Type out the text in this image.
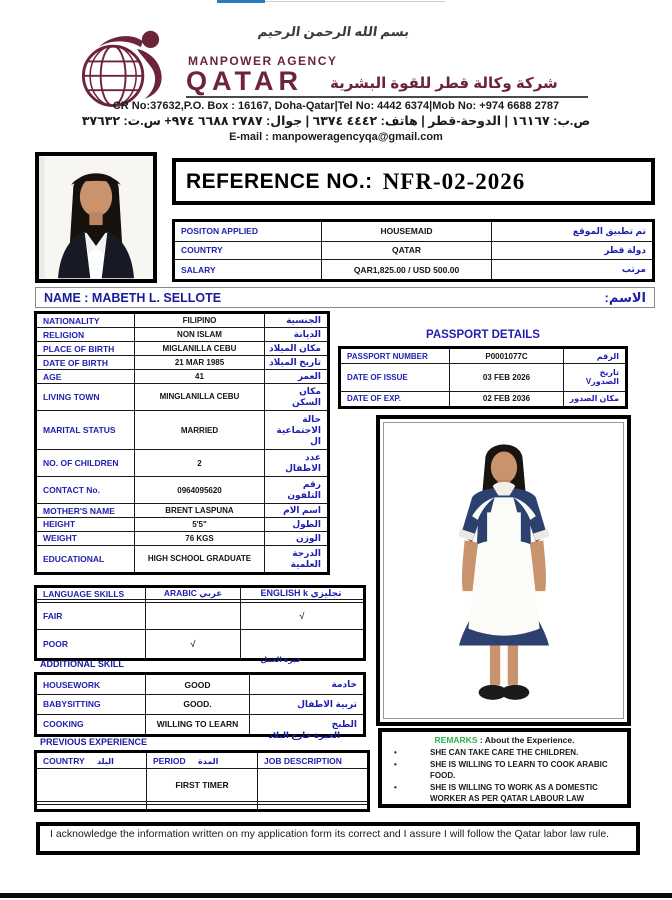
بسم الله الرحمن الرحيم
MANPOWER AGENCY
QATAR شركة وكالة قطر للقوة البشرية
CR No:37632,P.O. Box : 16167, Doha-Qatar|Tel No: 4442 6374|Mob No: +974 6688 2787
ص.ب: ١٦١٦٧ | الدوحة-قطر | هاتف: ٤٤٤٢ ٦٣٧٤ | جوال: ٢٧٨٧ ٦٦٨٨ ٩٧٤+ س.ت: ٣٧٦٣٢
E-mail : manpoweragencyqa@gmail.com
REFERENCE NO.: NFR-02-2026
POSITON APPLIED	HOUSEMAID	تم تطبيق الموقع
COUNTRY	QATAR	دولة قطر
SALARY	QAR1,825.00 / USD 500.00	مرتب
NAME : MABETH L. SELLOTE	الاسم:
NATIONALITY	FILIPINO	الجنسية
RELIGION	NON ISLAM	الديانة
PLACE OF BIRTH	MIGLANILLA CEBU	مكان الميلاد
DATE OF BIRTH	21 MAR 1985	تاريخ الميلاد
AGE	41	العمر
LIVING TOWN	MINGLANILLA CEBU	مكان السكن
MARITAL STATUS	MARRIED	حالة الاجتماعية ال
NO. OF CHILDREN	2	عدد الاطفال
CONTACT No.	0964095620	رقم التلفون
MOTHER'S NAME	BRENT LASPUNA	اسم الام
HEIGHT	5'5"	الطول
WEIGHT	76 KGS	الوزن
EDUCATIONAL	HIGH SCHOOL GRADUATE	الدرجة العلمية
PASSPORT DETAILS
PASSPORT NUMBER	P0001077C	الرقم
DATE OF ISSUE	03 FEB 2026	تاريخ الصدورV
DATE OF EXP.	02 FEB 2036	مكان الصدور
LANGUAGE SKILLS	ARABIC عربي	ENGLISH k تجليزي

FAIR		√
POOR	√	
خبرة العمل
ADDITIONAL SKILL
HOUSEWORK	GOOD	خادمة
BABYSITTING	GOOD.	تربية الاطفال
COOKING	WILLING TO LEARN	الطبخ
PREVIOUS EXPERIENCE
الخبرة خارج البلاد
COUNTRY البلد	PERIOD المدة	JOB DESCRIPTION
	FIRST TIMER	

REMARKS : About the Experience.
• SHE CAN TAKE CARE THE CHILDREN.
• SHE IS WILLING TO LEARN TO COOK ARABIC FOOD.
• SHE IS WILLING TO WORK AS A DOMESTIC WORKER AS PER QATAR LABOUR LAW
I acknowledge the information written on my application form its correct and I assure I will follow the Qatar labor law rule.
